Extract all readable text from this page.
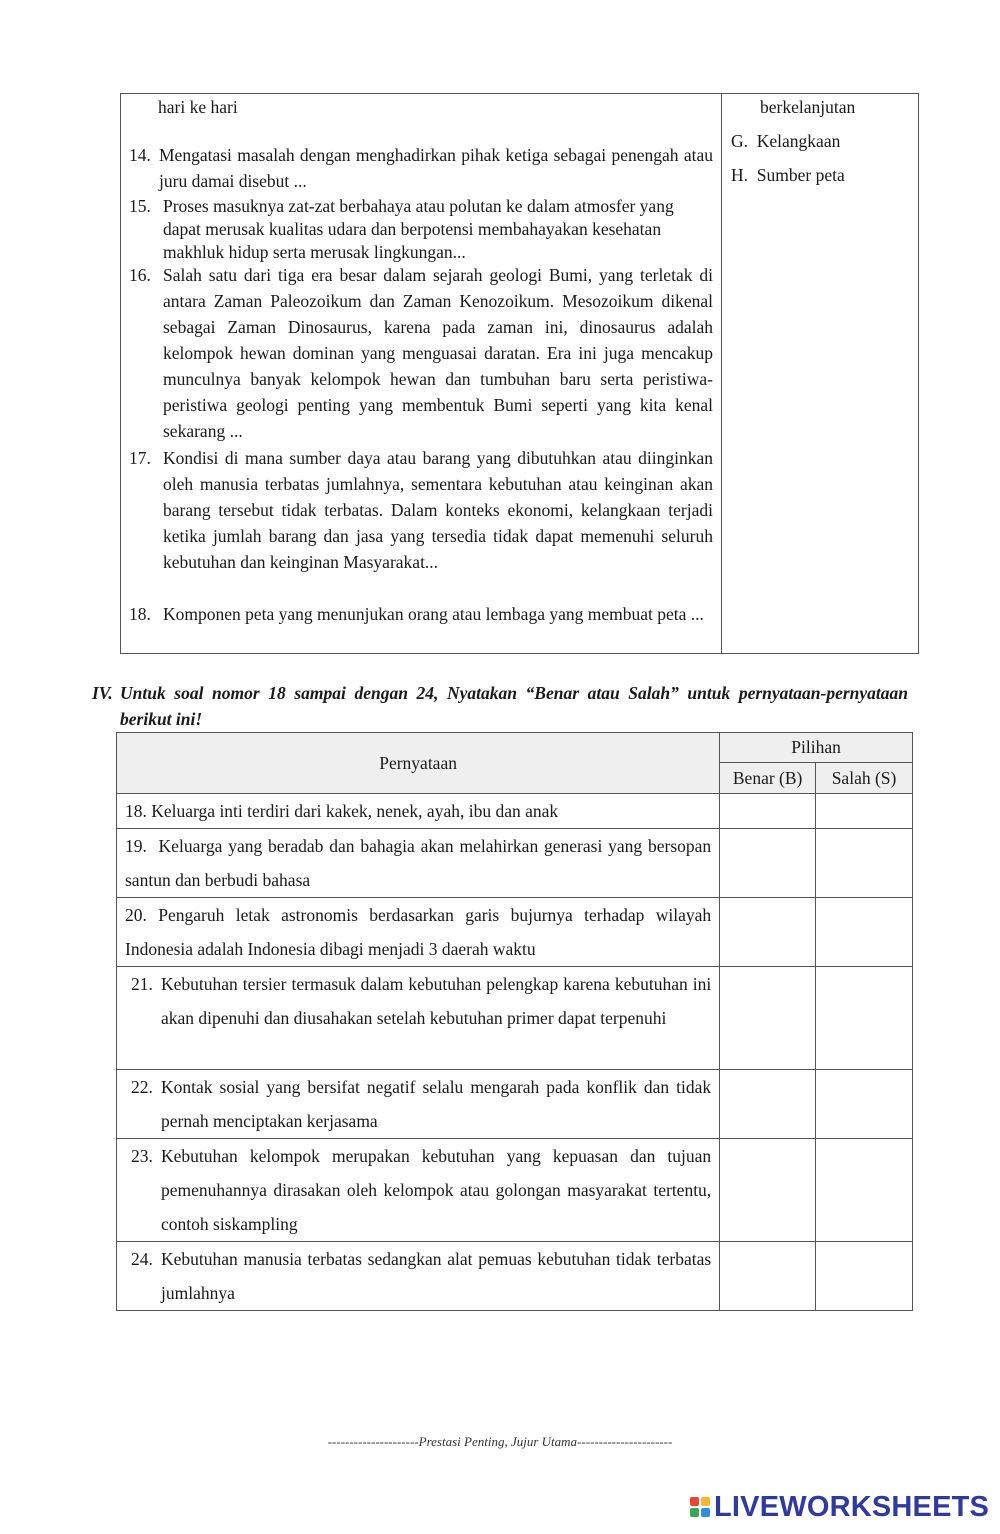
hari ke hari
14. Mengatasi masalah dengan menghadirkan pihak ketiga sebagai penengah atau juru damai disebut ...
15. Proses masuknya zat-zat berbahaya atau polutan ke dalam atmosfer yang dapat merusak kualitas udara dan berpotensi membahayakan kesehatan makhluk hidup serta merusak lingkungan...
16. Salah satu dari tiga era besar dalam sejarah geologi Bumi, yang terletak di antara Zaman Paleozoikum dan Zaman Kenozoikum. Mesozoikum dikenal sebagai Zaman Dinosaurus, karena pada zaman ini, dinosaurus adalah kelompok hewan dominan yang menguasai daratan. Era ini juga mencakup munculnya banyak kelompok hewan dan tumbuhan baru serta peristiwa-peristiwa geologi penting yang membentuk Bumi seperti yang kita kenal sekarang ...
17. Kondisi di mana sumber daya atau barang yang dibutuhkan atau diinginkan oleh manusia terbatas jumlahnya, sementara kebutuhan atau keinginan akan barang tersebut tidak terbatas. Dalam konteks ekonomi, kelangkaan terjadi ketika jumlah barang dan jasa yang tersedia tidak dapat memenuhi seluruh kebutuhan dan keinginan Masyarakat...
18. Komponen peta yang menunjukan orang atau lembaga yang membuat peta ...
berkelanjutan
G. Kelangkaan
H. Sumber peta
IV. Untuk soal nomor 18 sampai dengan 24, Nyatakan “Benar atau Salah” untuk pernyataan-pernyataan berikut ini!
Pernyataan	Pilihan	
	Benar (B)	Salah (S)

18. Keluarga inti terdiri dari kakek, nenek, ayah, ibu dan anak		

19. Keluarga yang beradab dan bahagia akan melahirkan generasi yang bersopan santun dan berbudi bahasa		

20. Pengaruh letak astronomis berdasarkan garis bujurnya terhadap wilayah Indonesia adalah Indonesia dibagi menjadi 3 daerah waktu		

21. Kebutuhan tersier termasuk dalam kebutuhan pelengkap karena kebutuhan ini akan dipenuhi dan diusahakan setelah kebutuhan primer dapat terpenuhi		

22. Kontak sosial yang bersifat negatif selalu mengarah pada konflik dan tidak pernah menciptakan kerjasama		

23. Kebutuhan kelompok merupakan kebutuhan yang kepuasan dan tujuan pemenuhannya dirasakan oleh kelompok atau golongan masyarakat tertentu, contoh siskampling		

24. Kebutuhan manusia terbatas sedangkan alat pemuas kebutuhan tidak terbatas jumlahnya		

---------------------Prestasi Penting, Jujur Utama----------------------
LIVEWORKSHEETS
